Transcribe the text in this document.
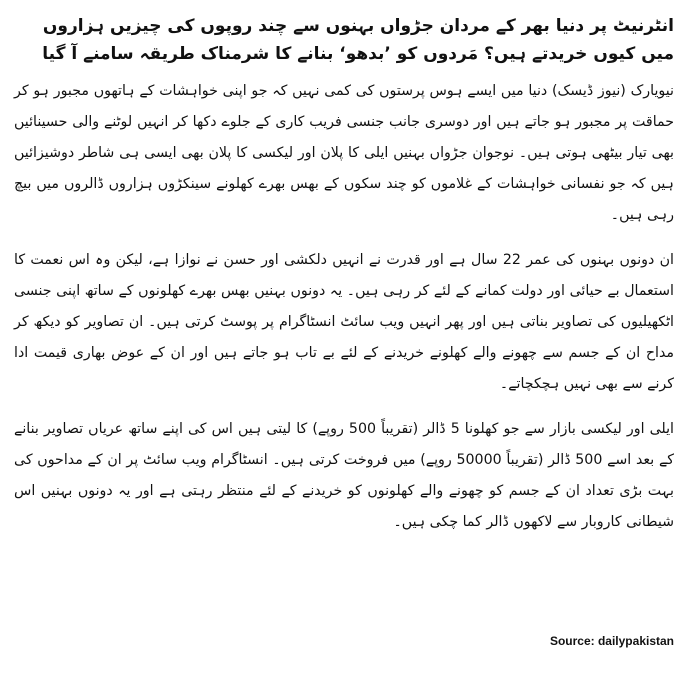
انٹرنیٹ پر دنیا بھر کے مردان جڑواں بہنوں سے چند روپوں کی چیزیں ہزاروں میں کیوں خریدتے ہیں؟ مَردوں کو ’بدھو‘ بنانے کا شرمناک طریقہ سامنے آ گیا

نیویارک (نیوز ڈیسک) دنیا میں ایسے ہوس پرستوں کی کمی نہیں کہ جو اپنی خواہشات کے ہاتھوں مجبور ہو کر حماقت پر مجبور ہو جاتے ہیں اور دوسری جانب جنسی فریب کاری کے جلوے دکھا کر انہیں لوٹنے والی حسینائیں بھی تیار بیٹھی ہوتی ہیں۔ نوجوان جڑواں بہنیں ایلی کا پلان اور لیکسی کا پلان بھی ایسی ہی شاطر دوشیزائیں ہیں کہ جو نفسانی خواہشات کے غلاموں کو چند سکوں کے بھس بھرے کھلونے سینکڑوں ہزاروں ڈالروں میں بیچ رہی ہیں۔

ان دونوں بہنوں کی عمر 22 سال ہے اور قدرت نے انہیں دلکشی اور حسن نے نوازا ہے، لیکن وہ اس نعمت کا استعمال بے حیائی اور دولت کمانے کے لئے کر رہی ہیں۔ یہ دونوں بہنیں بھس بھرے کھلونوں کے ساتھ اپنی جنسی اٹکھیلیوں کی تصاویر بناتی ہیں اور پھر انہیں ویب سائٹ انسٹاگرام پر پوسٹ کرتی ہیں۔ ان تصاویر کو دیکھ کر مداح ان کے جسم سے چھونے والے کھلونے خریدنے کے لئے بے تاب ہو جاتے ہیں اور ان کے عوض بھاری قیمت ادا کرنے سے بھی نہیں ہچکچاتے۔

ایلی اور لیکسی بازار سے جو کھلونا 5 ڈالر (تقریباً 500 روپے) کا لیتی ہیں اس کی اپنے ساتھ عریاں تصاویر بنانے کے بعد اسے 500 ڈالر (تقریباً 50000 روپے) میں فروخت کرتی ہیں۔ انسٹاگرام ویب سائٹ پر ان کے مداحوں کی بہت بڑی تعداد ان کے جسم کو چھونے والے کھلونوں کو خریدنے کے لئے منتظر رہتی ہے اور یہ دونوں بہنیں اس شیطانی کاروبار سے لاکھوں ڈالر کما چکی ہیں۔

Source: dailypakistan
